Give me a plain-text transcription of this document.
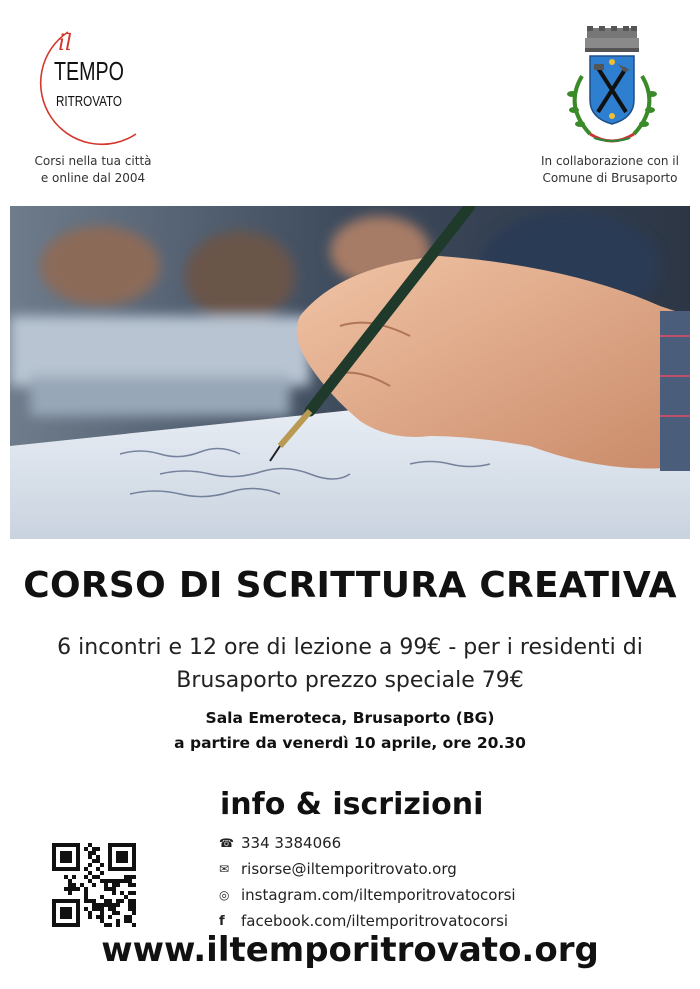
il
TEMPO
RITROVATO
Corsi nella tua città
e online dal 2004
In collaborazione con il
Comune di Brusaporto
CORSO DI SCRITTURA CREATIVA
6 incontri e 12 ore di lezione a 99€ - per i residenti di
Brusaporto prezzo speciale 79€
Sala Emeroteca, Brusaporto (BG)
a partire da venerdì 10 aprile, ore 20.30
info & iscrizioni
☎ 334 3384066
✉ risorse@iltemporitrovato.org
◎ instagram.com/iltemporitrovatocorsi
f	facebook.com/iltemporitrovatocorsi
www.iltemporitrovato.org
